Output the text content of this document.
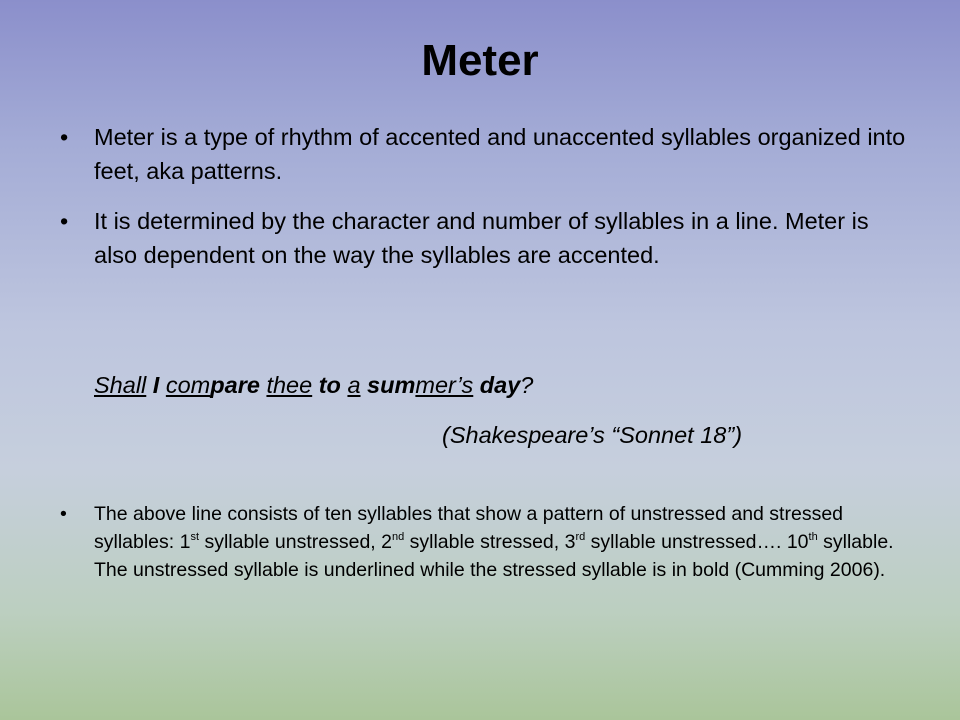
Meter
• Meter is a type of rhythm of accented and unaccented syllables organized into feet, aka patterns.
• It is determined by the character and number of syllables in a line. Meter is also dependent on the way the syllables are accented.
Shall I compare thee to a summer’s day?
(Shakespeare’s “Sonnet 18”)
• The above line consists of ten syllables that show a pattern of unstressed and stressed syllables: 1st syllable unstressed, 2nd syllable stressed, 3rd syllable unstressed…. 10th syllable. The unstressed syllable is underlined while the stressed syllable is in bold (Cumming 2006).
